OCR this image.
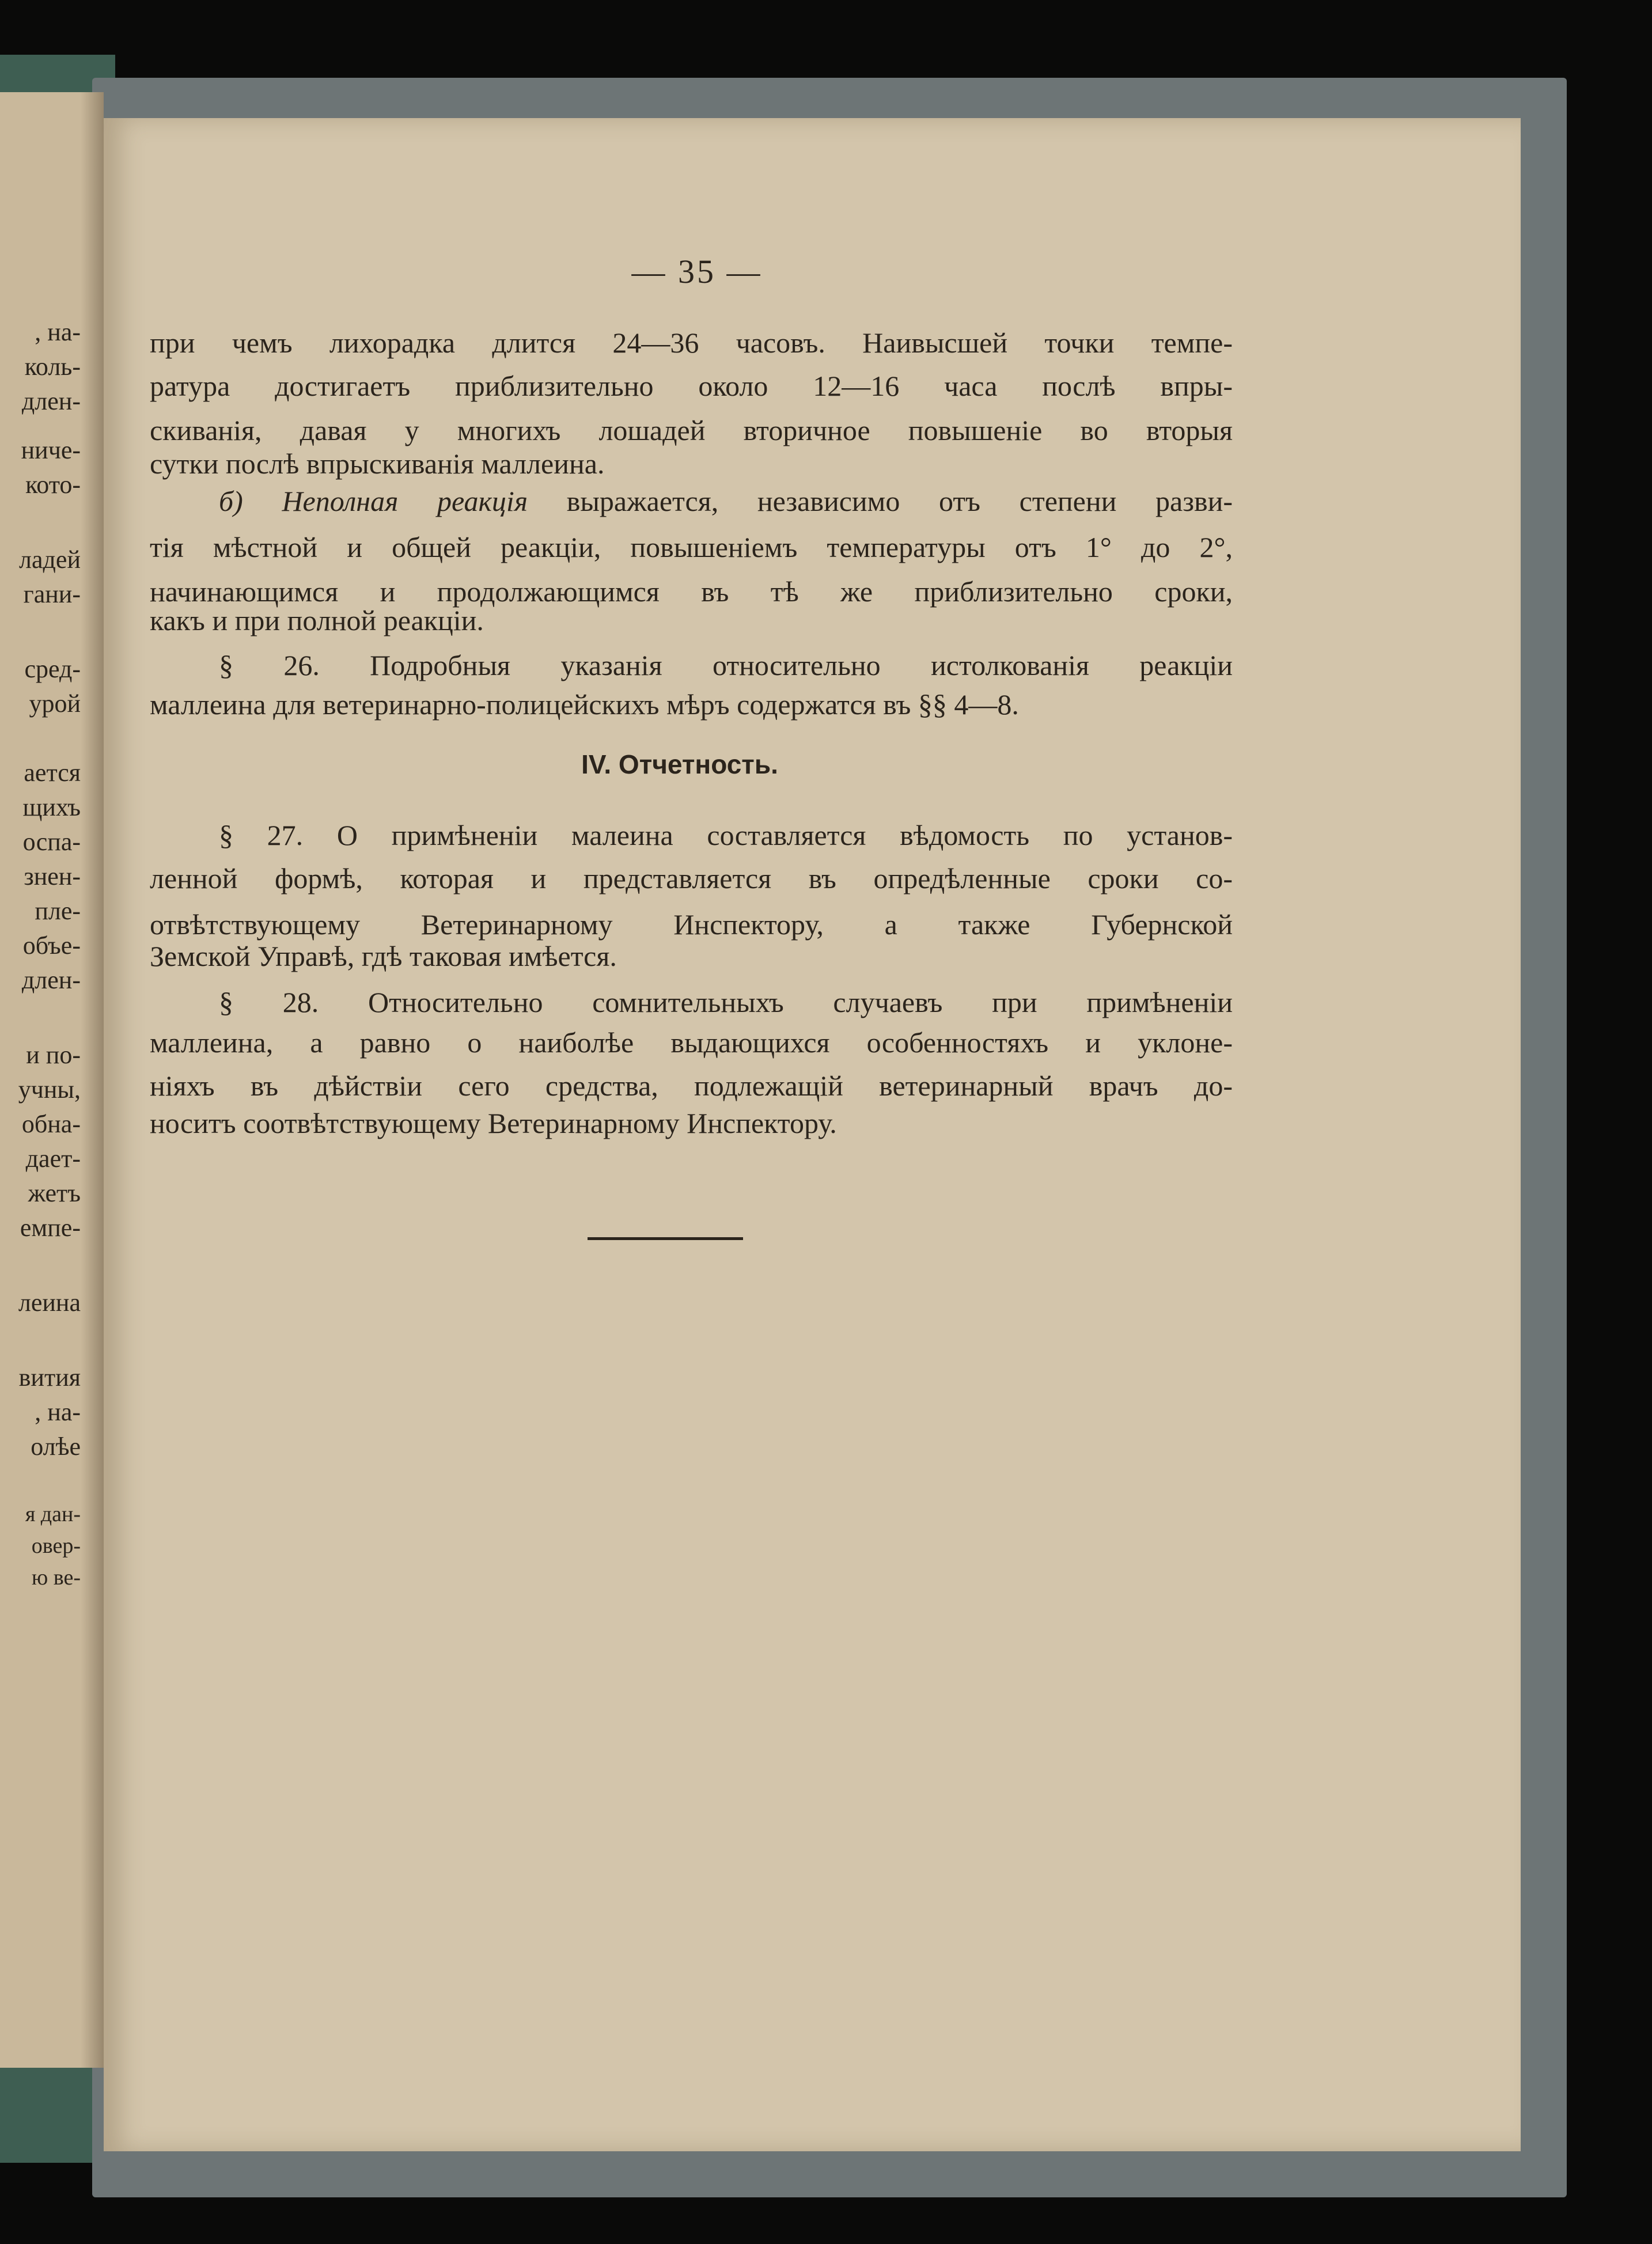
, на-
коль-
длен-
ниче-
кото-
ладей
гани-
сред-
урой
ается
щихъ
оспа-
знен-
пле-
объе-
длен-
и по-
учны,
обна-
дает-
жетъ
емпе-
леина
вития
, на-
олѣе
я дан-
овер-
ю ве-
— 35 —
при чемъ лихорадка длится 24—36 часовъ. Наивысшей точки темпе-
ратура достигаетъ приблизительно около 12—16 часа послѣ впры-
скиванія, давая у многихъ лошадей вторичное повышеніе во вторыя
сутки послѣ впрыскиванія маллеина.
б) Неполная реакція выражается, независимо отъ степени разви-
тія мѣстной и общей реакціи, повышеніемъ температуры отъ 1° до 2°,
начинающимся и продолжающимся въ тѣ же приблизительно сроки,
какъ и при полной реакціи.
§ 26. Подробныя указанія относительно истолкованія реакціи
маллеина для ветеринарно-полицейскихъ мѣръ содержатся въ §§ 4—8.
IV. Отчетность.
§ 27. О примѣненіи малеина составляется вѣдомость по установ-
ленной формѣ, которая и представляется въ опредѣленные сроки со-
отвѣтствующему Ветеринарному Инспектору, а также Губернской
Земской Управѣ, гдѣ таковая имѣется.
§ 28. Относительно сомнительныхъ случаевъ при примѣненіи
маллеина, а равно о наиболѣе выдающихся особенностяхъ и уклоне-
ніяхъ въ дѣйствіи сего средства, подлежащій ветеринарный врачъ до-
носитъ соотвѣтствующему Ветеринарному Инспектору.
